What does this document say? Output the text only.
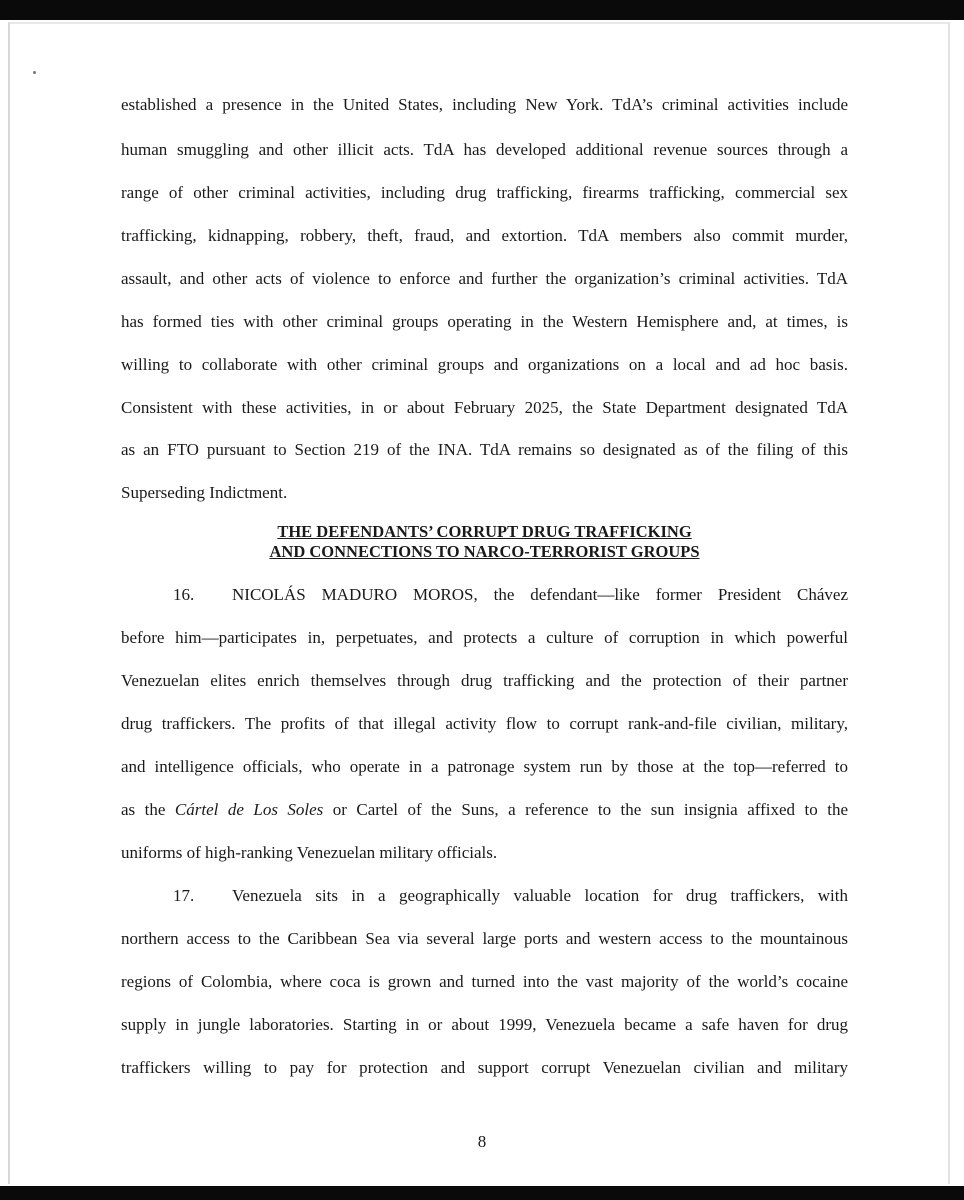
established a presence in the United States, including New York. TdA’s criminal activities include
human smuggling and other illicit acts. TdA has developed additional revenue sources through a
range of other criminal activities, including drug trafficking, firearms trafficking, commercial sex
trafficking, kidnapping, robbery, theft, fraud, and extortion. TdA members also commit murder,
assault, and other acts of violence to enforce and further the organization’s criminal activities. TdA
has formed ties with other criminal groups operating in the Western Hemisphere and, at times, is
willing to collaborate with other criminal groups and organizations on a local and ad hoc basis.
Consistent with these activities, in or about February 2025, the State Department designated TdA
as an FTO pursuant to Section 219 of the INA. TdA remains so designated as of the filing of this
Superseding Indictment.
THE DEFENDANTS’ CORRUPT DRUG TRAFFICKING
AND CONNECTIONS TO NARCO-TERRORIST GROUPS
16. NICOLÁS MADURO MOROS, the defendant—like former President Chávez
before him—participates in, perpetuates, and protects a culture of corruption in which powerful
Venezuelan elites enrich themselves through drug trafficking and the protection of their partner
drug traffickers. The profits of that illegal activity flow to corrupt rank-and-file civilian, military,
and intelligence officials, who operate in a patronage system run by those at the top—referred to
as the Cártel de Los Soles or Cartel of the Suns, a reference to the sun insignia affixed to the
uniforms of high-ranking Venezuelan military officials.
17. Venezuela sits in a geographically valuable location for drug traffickers, with
northern access to the Caribbean Sea via several large ports and western access to the mountainous
regions of Colombia, where coca is grown and turned into the vast majority of the world’s cocaine
supply in jungle laboratories. Starting in or about 1999, Venezuela became a safe haven for drug
traffickers willing to pay for protection and support corrupt Venezuelan civilian and military
8
